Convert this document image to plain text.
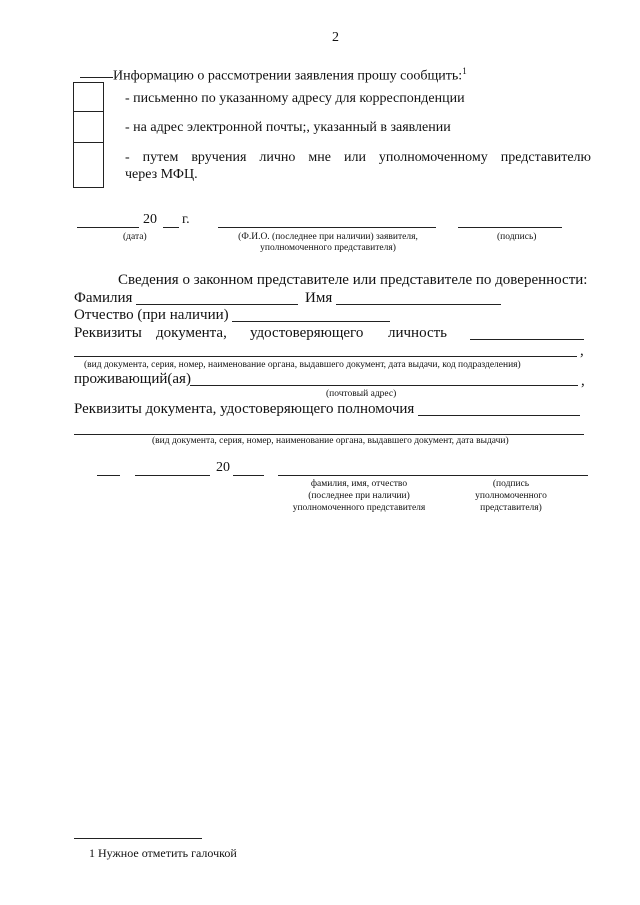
2
Информацию о рассмотрении заявления прошу сообщить:$^1$
- письменно по указанному адресу для корреспонденции
- на адрес электронной почты;, указанный в заявлении
- путем вручения лично мне или уполномоченному представителю
через МФЦ.
20 г.
(дата)	(Ф.И.О. (последнее при наличии) заявителя,
уполномоченного представителя)
(подпись)
Сведения о законном представителе или представителе по доверенности:
Фамилия	Имя
Отчество (при наличии)
Реквизиты документа, удостоверяющего личность
,
(вид документа, серия, номер, наименование органа, выдавшего документ, дата выдачи, код подразделения)
проживающий(ая)	,
(почтовый адрес)
Реквизиты документа, удостоверяющего полномочия
(вид документа, серия, номер, наименование органа, выдавшего документ, дата выдачи)
20
фамилия, имя, отчество
(последнее при наличии)
уполномоченного представителя
(подпись
уполномоченного
представителя)
1 Нужное отметить галочкой
